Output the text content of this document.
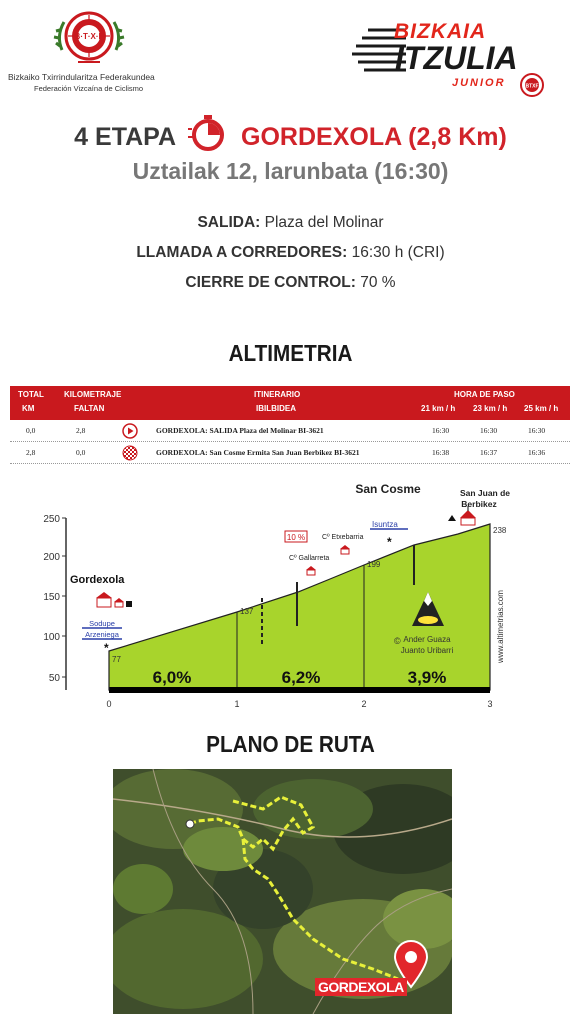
B·T·X·F
Bizkaiko Txirrindularitza Federakundea
Federación Vizcaína de Ciclismo
BIZKAIA
ITZULIA
JUNIOR	BTXF
4 ETAPA	GORDEXOLA (2,8 Km)
Uztailak 12, larunbata (16:30)
SALIDA: Plaza del Molinar
LLAMADA A CORREDORES: 16:30 h (CRI)
CIERRE DE CONTROL: 70 %
ALTIMETRIA
TOTAL
KM
KILOMETRAJE
FALTAN
ITINERARIO
IBILBIDEA
HORA DE PASO
21 km / h 23 km / h 25 km / h
0,0	2,8	GORDEXOLA: SALIDA Plaza del Molinar BI-3621	16:30	16:30	16:30
2,8	0,0	GORDEXOLA: San Cosme Ermita San Juan Berbikez BI-3621	16:38	16:37	16:36
250
200
150
100
50
0	1	2	3
77
137
199
238
6,0%	6,2%	3,9%
Gordexola
Sodupe
Arzeniega
*
10 %
Cº Gallarreta
Cº Etxebarria
Isuntza
*
San Cosme	San Juan de
Berbikez
Ander Guaza
Juanto Uribarri
©	www.altimetrias.com
PLANO DE RUTA
GORDEXOLA
